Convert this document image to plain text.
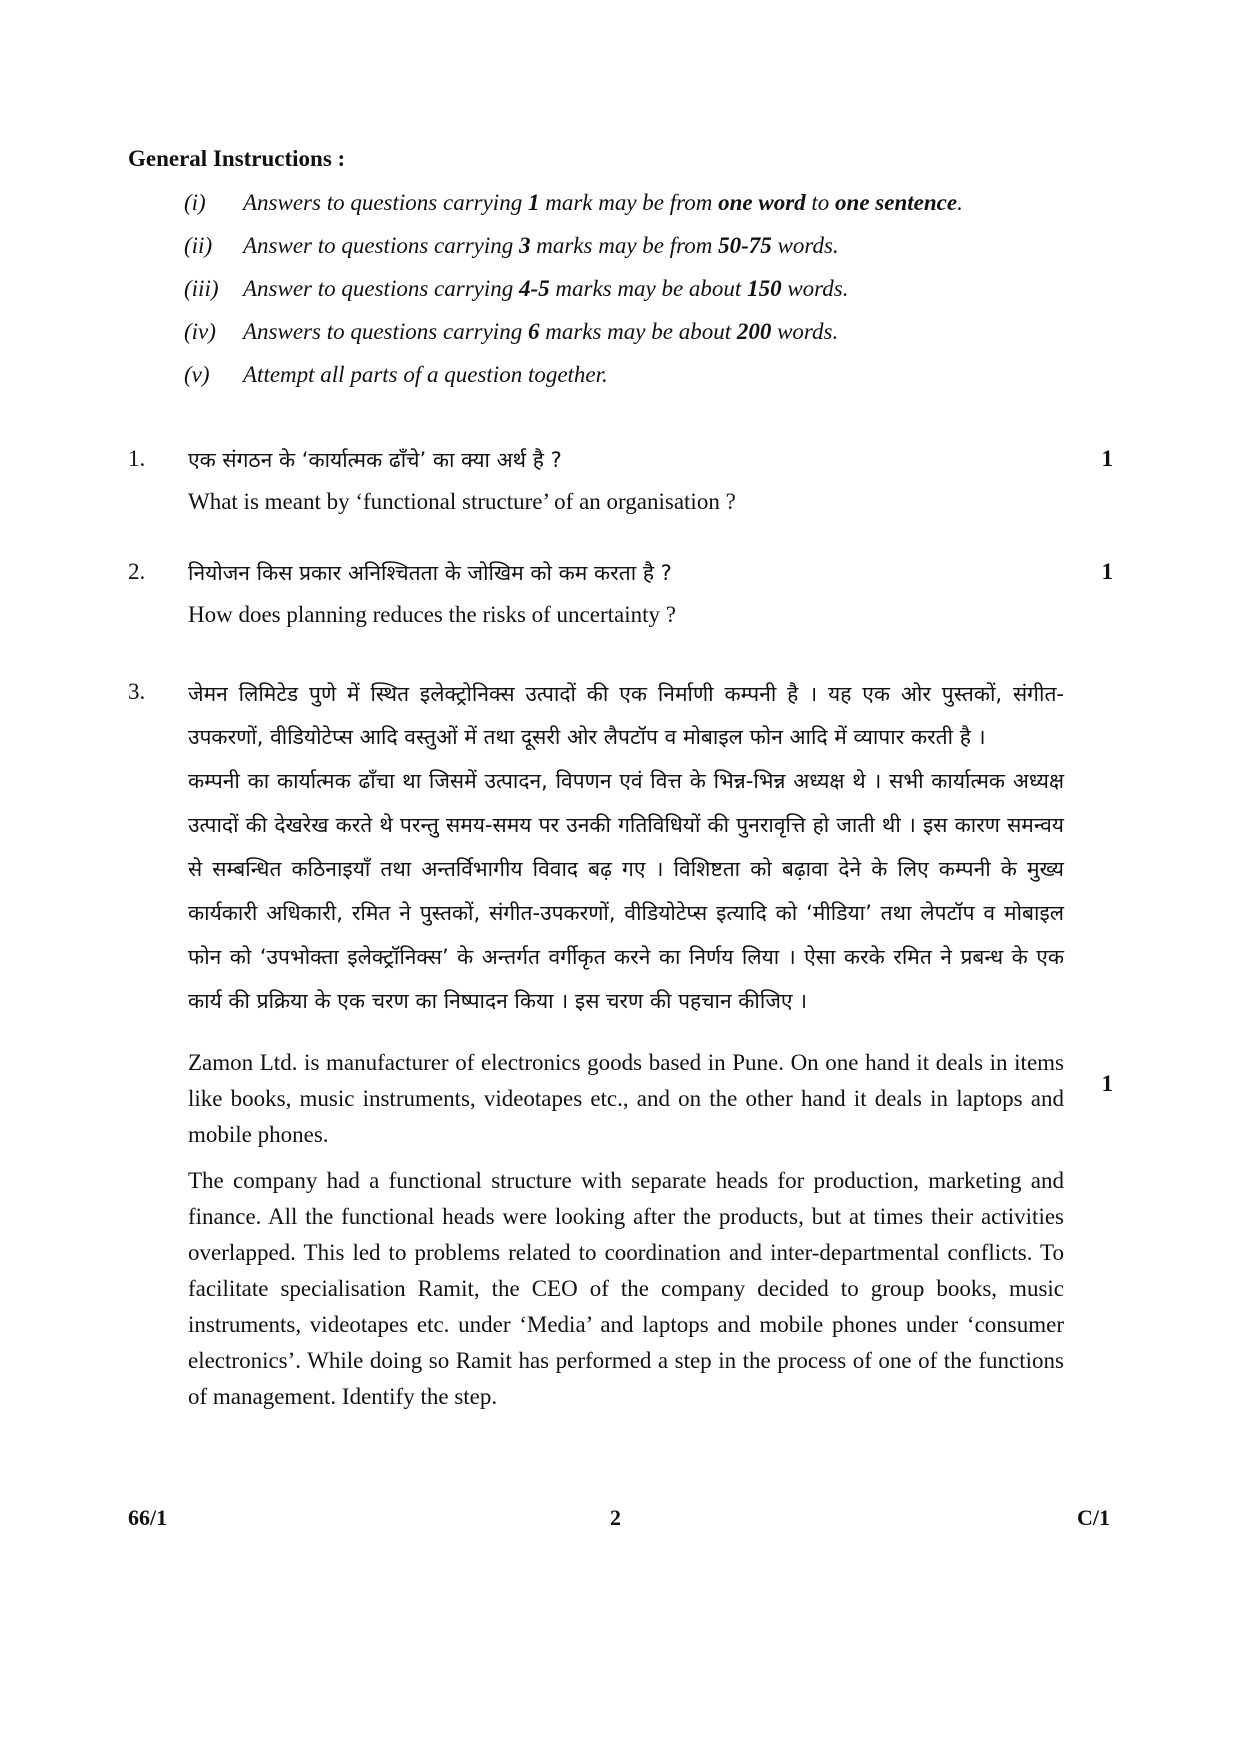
General Instructions :
(i)	Answers to questions carrying 1 mark may be from one word to one sentence.
(ii)	Answer to questions carrying 3 marks may be from 50-75 words.
(iii)	Answer to questions carrying 4-5 marks may be about 150 words.
(iv)	Answers to questions carrying 6 marks may be about 200 words.
(v)	Attempt all parts of a question together.
1.	एक संगठन के ‘कार्यात्मक ढाँचे’ का क्या अर्थ है ?
What is meant by ‘functional structure’ of an organisation ?
1
2.	नियोजन किस प्रकार अनिश्चितता के जोखिम को कम करता है ?
How does planning reduces the risks of uncertainty ?
1
3.	जेमन लिमिटेड पुणे में स्थित इलेक्ट्रोनिक्स उत्पादों की एक निर्माणी कम्पनी है । यह एक ओर पुस्तकों, संगीत-उपकरणों, वीडियोटेप्स आदि वस्तुओं में तथा दूसरी ओर लैपटॉप व मोबाइल फोन आदि में व्यापार करती है ।
कम्पनी का कार्यात्मक ढाँचा था जिसमें उत्पादन, विपणन एवं वित्त के भिन्न-भिन्न अध्यक्ष थे । सभी कार्यात्मक अध्यक्ष उत्पादों की देखरेख करते थे परन्तु समय-समय पर उनकी गतिविधियों की पुनरावृत्ति हो जाती थी । इस कारण समन्वय से सम्बन्धित कठिनाइयाँ तथा अन्तर्विभागीय विवाद बढ़ गए । विशिष्टता को बढ़ावा देने के लिए कम्पनी के मुख्य कार्यकारी अधिकारी, रमित ने पुस्तकों, संगीत-उपकरणों, वीडियोटेप्स इत्यादि को ‘मीडिया’ तथा लेपटॉप व मोबाइल फोन को ‘उपभोक्ता इलेक्ट्रॉनिक्स’ के अन्तर्गत वर्गीकृत करने का निर्णय लिया । ऐसा करके रमित ने प्रबन्ध के एक कार्य की प्रक्रिया के एक चरण का निष्पादन किया । इस चरण की पहचान कीजिए ।

Zamon Ltd. is manufacturer of electronics goods based in Pune. On one hand it deals in items like books, music instruments, videotapes etc., and on the other hand it deals in laptops and mobile phones.

The company had a functional structure with separate heads for production, marketing and finance. All the functional heads were looking after the products, but at times their activities overlapped. This led to problems related to coordination and inter-departmental conflicts. To facilitate specialisation Ramit, the CEO of the company decided to group books, music instruments, videotapes etc. under ‘Media’ and laptops and mobile phones under ‘consumer electronics’. While doing so Ramit has performed a step in the process of one of the functions of management. Identify the step.

1
66/1	2	C/1
